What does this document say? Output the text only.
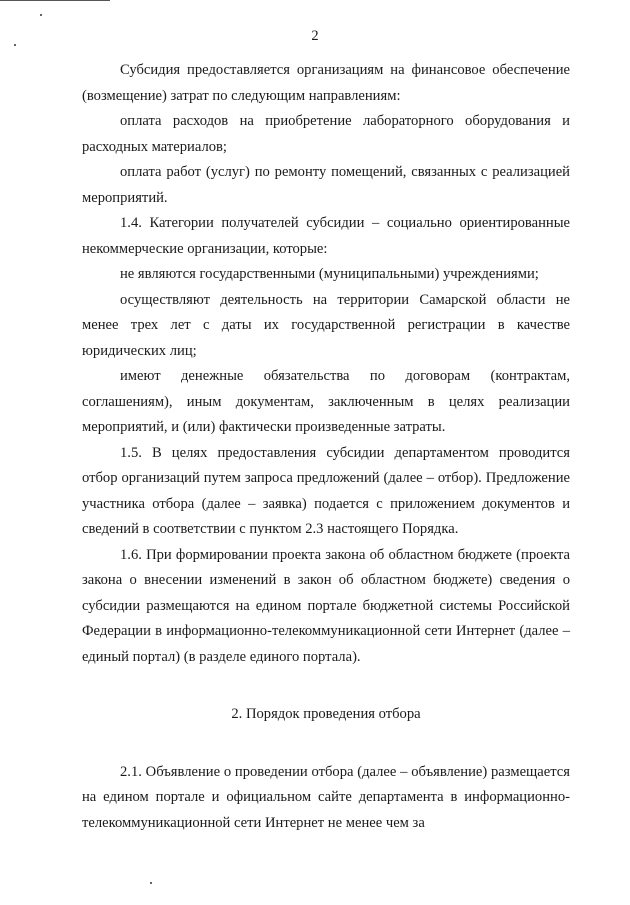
2

Субсидия предоставляется организациям на финансовое обеспечение (возмещение) затрат по следующим направлениям:

оплата расходов на приобретение лабораторного оборудования и расходных материалов;

оплата работ (услуг) по ремонту помещений, связанных с реализацией мероприятий.

1.4. Категории получателей субсидии – социально ориентированные некоммерческие организации, которые:

не являются государственными (муниципальными) учреждениями;

осуществляют деятельность на территории Самарской области не менее трех лет с даты их государственной регистрации в качестве юридических лиц;

имеют денежные обязательства по договорам (контрактам, соглашениям), иным документам, заключенным в целях реализации мероприятий, и (или) фактически произведенные затраты.

1.5. В целях предоставления субсидии департаментом проводится отбор организаций путем запроса предложений (далее – отбор). Предложение участника отбора (далее – заявка) подается с приложением документов и сведений в соответствии с пунктом 2.3 настоящего Порядка.

1.6. При формировании проекта закона об областном бюджете (проекта закона о внесении изменений в закон об областном бюджете) сведения о субсидии размещаются на едином портале бюджетной системы Российской Федерации в информационно-телекоммуникационной сети Интернет (далее – единый портал) (в разделе единого портала).

2. Порядок проведения отбора

2.1. Объявление о проведении отбора (далее – объявление) размещается на едином портале и официальном сайте департамента в информационно-телекоммуникационной сети Интернет не менее чем за
